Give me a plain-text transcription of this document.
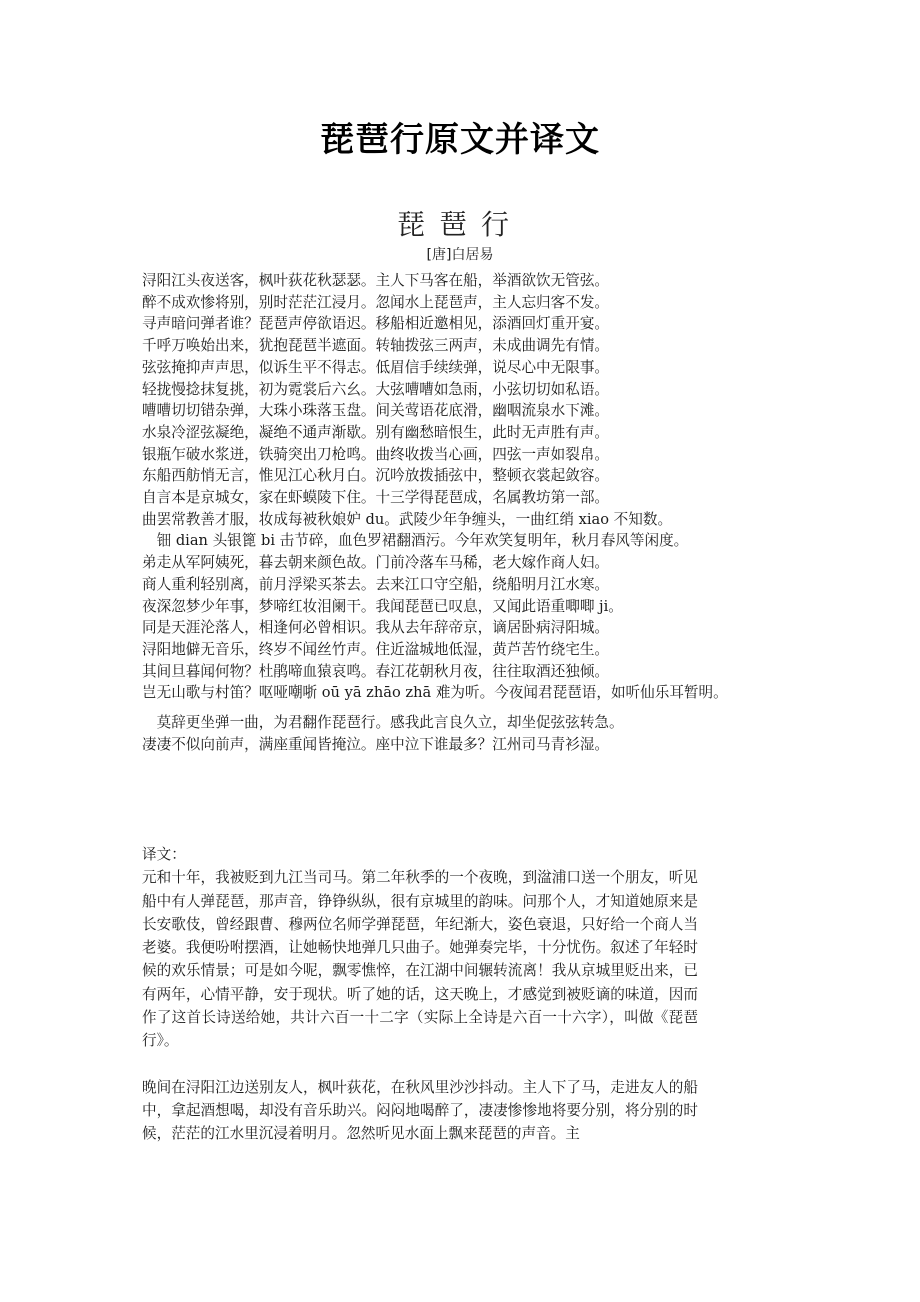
琵琶行原文并译文
琵琶行
[唐]白居易
浔阳江头夜送客，枫叶荻花秋瑟瑟。主人下马客在船，举酒欲饮无管弦。
醉不成欢惨将别，别时茫茫江浸月。忽闻水上琵琶声，主人忘归客不发。
寻声暗问弹者谁？琵琶声停欲语迟。移船相近邀相见，添酒回灯重开宴。
千呼万唤始出来，犹抱琵琶半遮面。转轴拨弦三两声，未成曲调先有情。
弦弦掩抑声声思，似诉生平不得志。低眉信手续续弹，说尽心中无限事。
轻拢慢捻抹复挑，初为霓裳后六幺。大弦嘈嘈如急雨，小弦切切如私语。
嘈嘈切切错杂弹，大珠小珠落玉盘。间关莺语花底滑，幽咽流泉水下滩。
水泉冷涩弦凝绝，凝绝不通声渐歇。别有幽愁暗恨生，此时无声胜有声。
银瓶乍破水浆迸，铁骑突出刀枪鸣。曲终收拨当心画，四弦一声如裂帛。
东船西舫悄无言，惟见江心秋月白。沉吟放拨插弦中，整顿衣裳起敛容。
自言本是京城女，家在虾蟆陵下住。十三学得琵琶成，名属教坊第一部。
曲罢常教善才服，妆成每被秋娘妒 du。武陵少年争缠头，一曲红绡 xiao 不知数。
钿 dian 头银篦 bi 击节碎，血色罗裙翻酒污。今年欢笑复明年，秋月春风等闲度。
弟走从军阿姨死，暮去朝来颜色故。门前冷落车马稀，老大嫁作商人妇。
商人重利轻别离，前月浮梁买茶去。去来江口守空船，绕船明月江水寒。
夜深忽梦少年事，梦啼红妆泪阑干。我闻琵琶已叹息，又闻此语重唧唧 ji。
同是天涯沦落人，相逢何必曾相识。我从去年辞帝京，谪居卧病浔阳城。
浔阳地僻无音乐，终岁不闻丝竹声。住近湓城地低湿，黄芦苦竹绕宅生。
其间旦暮闻何物？杜鹃啼血猿哀鸣。春江花朝秋月夜，往往取酒还独倾。
岂无山歌与村笛？呕哑嘲哳 oū yā zhāo zhā 难为听。今夜闻君琵琶语，如听仙乐耳暂明。
　莫辞更坐弹一曲，为君翻作琵琶行。感我此言良久立，却坐促弦弦转急。
凄凄不似向前声，满座重闻皆掩泣。座中泣下谁最多？江州司马青衫湿。
译文：
元和十年，我被贬到九江当司马。第二年秋季的一个夜晚，到湓浦口送一个朋友，听见船中有人弹琵琶，那声音，铮铮纵纵，很有京城里的韵味。问那个人，才知道她原来是长安歌伎，曾经跟曹、穆两位名师学弹琵琶，年纪渐大，姿色衰退，只好给一个商人当老婆。我便吩咐摆酒，让她畅快地弹几只曲子。她弹奏完毕，十分忧伤。叙述了年轻时候的欢乐情景；可是如今呢，飘零憔悴，在江湖中间辗转流离！我从京城里贬出来，已有两年，心情平静，安于现状。听了她的话，这天晚上，才感觉到被贬谪的味道，因而作了这首长诗送给她，共计六百一十二字（实际上全诗是六百一十六字），叫做《琵琶行》。
晚间在浔阳江边送别友人，枫叶荻花，在秋风里沙沙抖动。主人下了马，走进友人的船中，拿起酒想喝，却没有音乐助兴。闷闷地喝醉了，凄凄惨惨地将要分别，将分别的时候，茫茫的江水里沉浸着明月。忽然听见水面上飘来琵琶的声音。主
